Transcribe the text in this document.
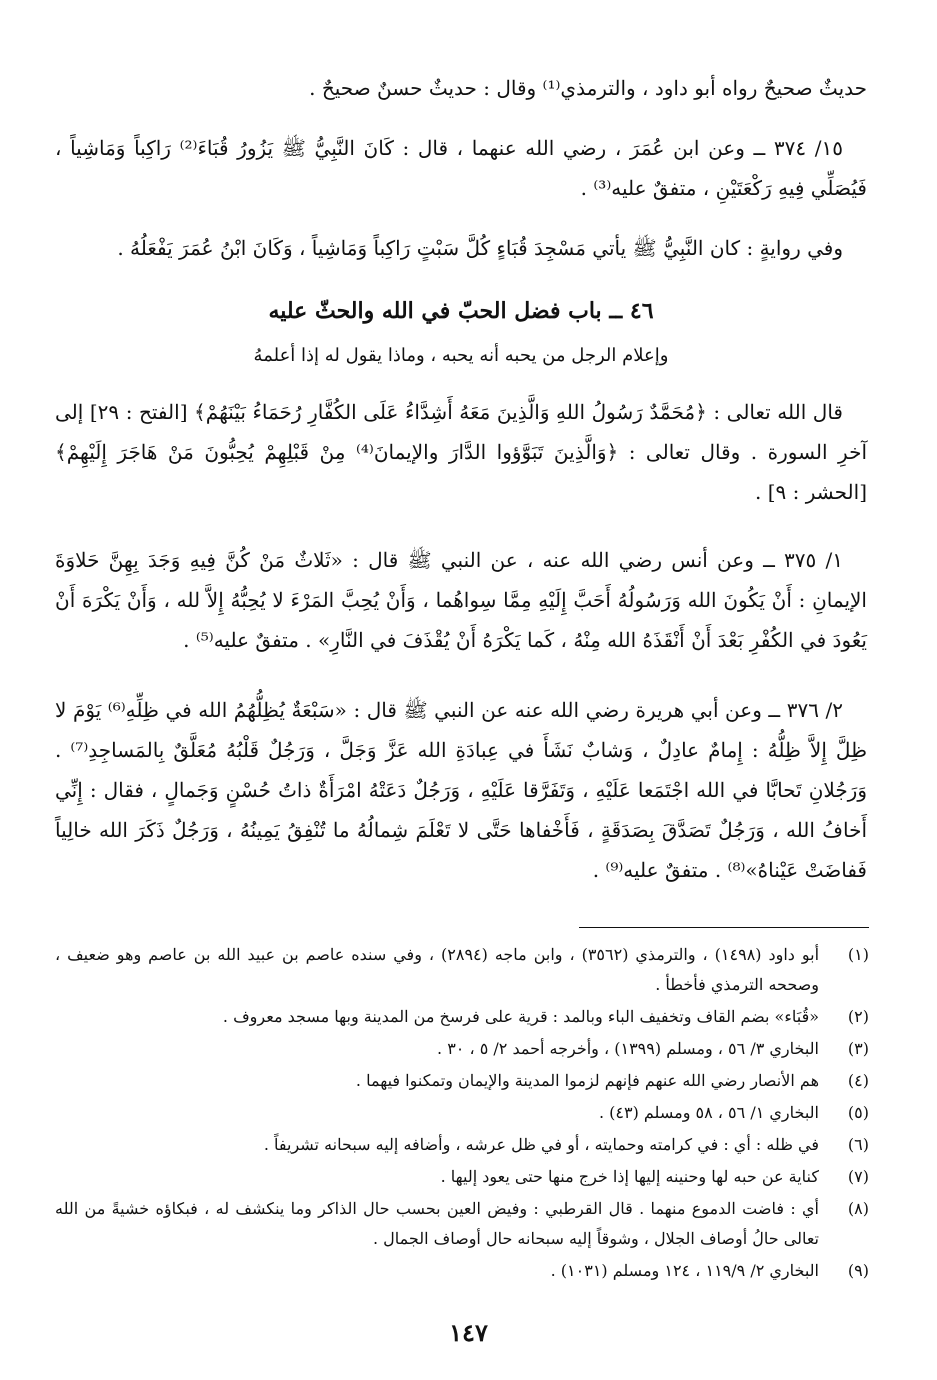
حديثٌ صحيحٌ رواه أبو داود ، والترمذي⁽¹⁾ وقال : حديثٌ حسنٌ صحيحٌ .

١٥/ ٣٧٤ ــ وعن ابن عُمَرَ ، رضي الله عنهما ، قال : كَانَ النَّبِيُّ ﷺ يَزُورُ قُبَاءَ⁽²⁾ رَاكِباً وَمَاشِياً ، فَيُصَلِّي فِيهِ رَكْعَتَيْنِ ، متفقٌ عليه⁽³⁾ .

وفي روايةٍ : كان النَّبِيُّ ﷺ يأتي مَسْجِدَ قُبَاءٍ كُلَّ سَبْتٍ رَاكِباً وَمَاشِياً ، وَكَانَ ابْنُ عُمَرَ يَفْعَلُهُ .

٤٦ ــ باب فضل الحبّ في الله والحثّ عليه

وإعلام الرجل من يحبه أنه يحبه ، وماذا يقول له إذا أعلمهُ

قال الله تعالى : ﴿مُحَمَّدٌ رَسُولُ اللهِ وَالَّذِينَ مَعَهُ أَشِدَّاءُ عَلَى الكُفَّارِ رُحَمَاءُ بَيْنَهُمْ﴾ [الفتح : ٢٩] إلى آخرِ السورة . وقال تعالى : ﴿وَالَّذِينَ تَبَوَّؤوا الدَّارَ والإيمانَ⁽⁴⁾ مِنْ قَبْلِهِمْ يُحِبُّونَ مَنْ هَاجَرَ إِلَيْهِمْ﴾ [الحشر : ٩] .

١/ ٣٧٥ ــ وعن أنس رضي الله عنه ، عن النبي ﷺ قال : «ثَلاثٌ مَنْ كُنَّ فِيهِ وَجَدَ بِهِنَّ حَلاوَةَ الإيمانِ : أَنْ يَكُونَ الله وَرَسُولُهُ أَحَبَّ إِلَيْهِ مِمَّا سِواهُما ، وَأَنْ يُحِبَّ المَرْءَ لا يُحِبُّهُ إِلاَّ لله ، وَأَنْ يَكْرَهَ أَنْ يَعُودَ في الكُفْرِ بَعْدَ أَنْ أَنْقَذَهُ الله مِنْهُ ، كَما يَكْرَهُ أَنْ يُقْذَفَ في النَّارِ» . متفقٌ عليه⁽⁵⁾ .

٢/ ٣٧٦ ــ وعن أبي هريرة رضي الله عنه عن النبي ﷺ قال : «سَبْعَةٌ يُظِلُّهُمُ الله في ظِلِّهِ⁽⁶⁾ يَوْمَ لا ظِلَّ إِلاَّ ظِلُّهُ : إِمامٌ عادِلٌ ، وَشابٌ نَشَأَ في عِبادَةِ الله عَزَّ وَجَلَّ ، وَرَجُلٌ قَلْبُهُ مُعَلَّقٌ بِالمَساجِدِ⁽⁷⁾ . وَرَجُلانِ تَحابَّا في الله اجْتَمَعا عَلَيْهِ ، وَتَفَرَّقا عَلَيْهِ ، وَرَجُلٌ دَعَتْهُ امْرَأَةٌ ذاتُ حُسْنٍ وَجَمالٍ ، فقال : إِنِّي أَخافُ الله ، وَرَجُلٌ تَصَدَّقَ بِصَدَقَةٍ ، فَأَخْفاها حَتَّى لا تَعْلَمَ شِمالُهُ ما تُنْفِقُ يَمِينُهُ ، وَرَجُلٌ ذَكَرَ الله خالِياً فَفاضَتْ عَيْناهُ»⁽⁸⁾ . متفقٌ عليه⁽⁹⁾ .

(١)
أبو داود (١٤٩٨) ، والترمذي (٣٥٦٢) ، وابن ماجه (٢٨٩٤) ، وفي سنده عاصم بن عبيد الله بن عاصم وهو ضعيف ، وصححه الترمذي فأخطأ .
(٢)
«قُبَاء» بضم القاف وتخفيف الباء وبالمد : قرية على فرسخ من المدينة وبها مسجد معروف .
(٣)
البخاري ٣/ ٥٦ ، ومسلم (١٣٩٩) ، وأخرجه أحمد ٢/ ٥ ، ٣٠ .
(٤)
هم الأنصار رضي الله عنهم فإنهم لزموا المدينة والإيمان وتمكنوا فيهما .
(٥)
البخاري ١/ ٥٦ ، ٥٨ ومسلم (٤٣) .
(٦)
في ظله : أي : في كرامته وحمايته ، أو في ظل عرشه ، وأضافه إليه سبحانه تشريفاً .
(٧)
كناية عن حبه لها وحنينه إليها إذا خرج منها حتى يعود إليها .
(٨)
أي : فاضت الدموع منهما . قال القرطبي : وفيض العين بحسب حال الذاكر وما ينكشف له ، فبكاؤه خشيةً من الله تعالى حالُ أوصاف الجلال ، وشوقاً إليه سبحانه حال أوصاف الجمال .
(٩)
البخاري ٢/ ١١٩/٩ ، ١٢٤ ومسلم (١٠٣١) .
١٤٧
